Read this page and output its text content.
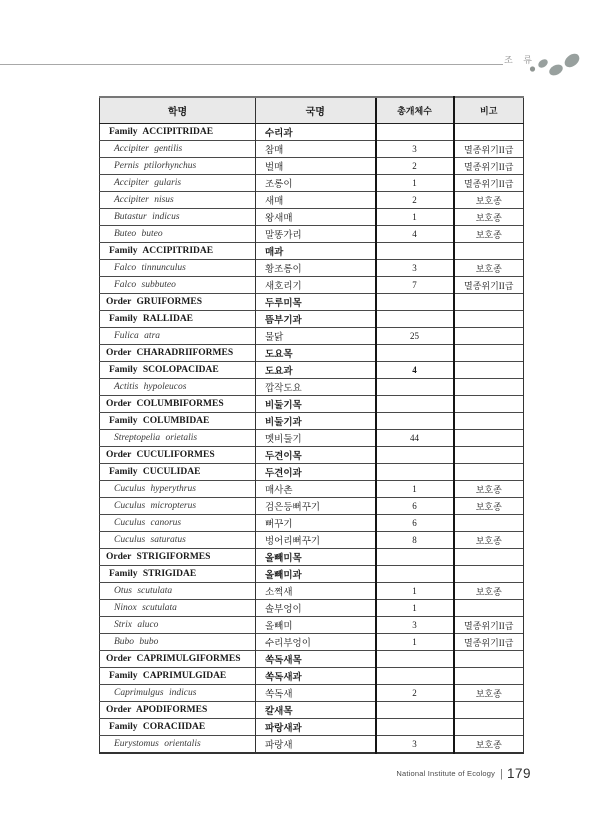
조 류
학명	국명	총개체수	비고
Family ACCIPITRIDAE	수리과		
Accipiter gentilis	참매	3	멸종위기II급
Pernis ptilorhynchus	벌매	2	멸종위기II급
Accipiter gularis	조롱이	1	멸종위기II급
Accipiter nisus	새매	2	보호종
Butastur indicus	왕새매	1	보호종
Buteo buteo	말똥가리	4	보호종
Family ACCIPITRIDAE	매과		
Falco tinnunculus	황조롱이	3	보호종
Falco subbuteo	새호리기	7	멸종위기II급
Order GRUIFORMES	두루미목		
Family RALLIDAE	뜸부기과		
Fulica atra	물닭	25	
Order CHARADRIIFORMES	도요목		
Family SCOLOPACIDAE	도요과	4	
Actitis hypoleucos	깝작도요		
Order COLUMBIFORMES	비둘기목		
Family COLUMBIDAE	비둘기과		
Streptopelia orietalis	멧비둘기	44	
Order CUCULIFORMES	두견이목		
Family CUCULIDAE	두견이과		
Cuculus hyperythrus	매사촌	1	보호종
Cuculus micropterus	검은등뻐꾸기	6	보호종
Cuculus canorus	뻐꾸기	6	
Cuculus saturatus	벙어리뻐꾸기	8	보호종
Order STRIGIFORMES	올빼미목		
Family STRIGIDAE	올빼미과		
Otus scutulata	소쩍새	1	보호종
Ninox scutulata	솔부엉이	1	
Strix aluco	올빼미	3	멸종위기II급
Bubo bubo	수리부엉이	1	멸종위기II급
Order CAPRIMULGIFORMES	쏙독새목		
Family CAPRIMULGIDAE	쏙독새과		
Caprimulgus indicus	쏙독새	2	보호종
Order APODIFORMES	칼새목		
Family CORACIIDAE	파랑새과		
Eurystomus orientalis	파랑새	3	보호종
National Institute of Ecology | 179
